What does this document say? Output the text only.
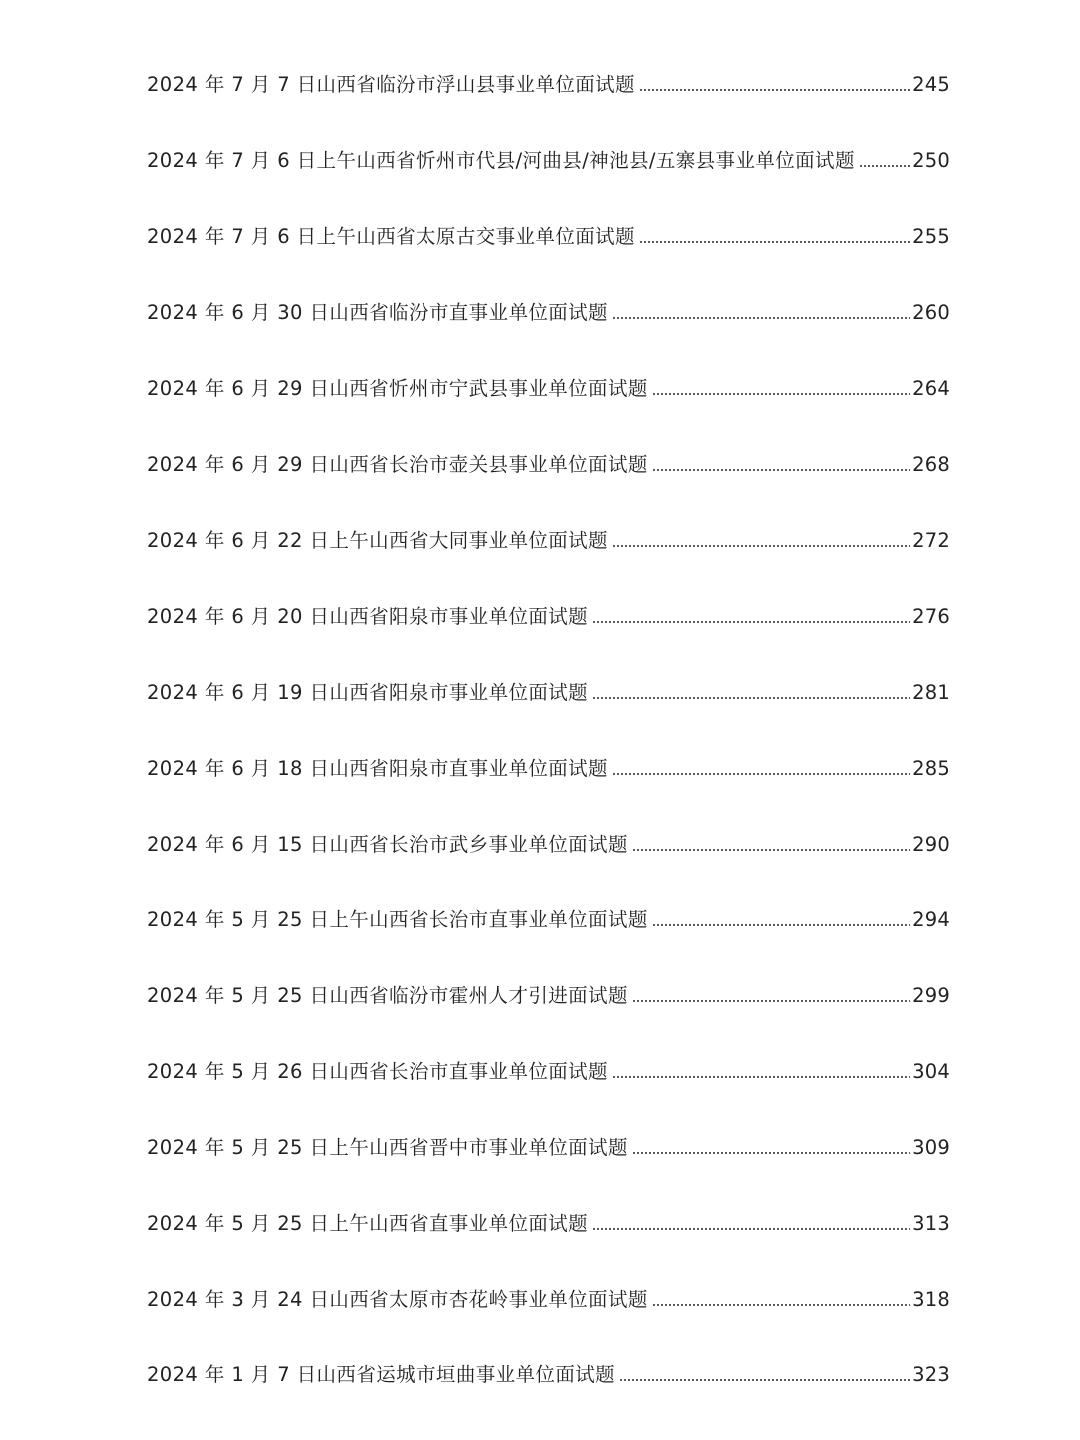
2024 年 7 月 7 日山西省临汾市浮山县事业单位面试题	245
2024 年 7 月 6 日上午山西省忻州市代县/河曲县/神池县/五寨县事业单位面试题	250
2024 年 7 月 6 日上午山西省太原古交事业单位面试题	255
2024 年 6 月 30 日山西省临汾市直事业单位面试题	260
2024 年 6 月 29 日山西省忻州市宁武县事业单位面试题	264
2024 年 6 月 29 日山西省长治市壶关县事业单位面试题	268
2024 年 6 月 22 日上午山西省大同事业单位面试题	272
2024 年 6 月 20 日山西省阳泉市事业单位面试题	276
2024 年 6 月 19 日山西省阳泉市事业单位面试题	281
2024 年 6 月 18 日山西省阳泉市直事业单位面试题	285
2024 年 6 月 15 日山西省长治市武乡事业单位面试题	290
2024 年 5 月 25 日上午山西省长治市直事业单位面试题	294
2024 年 5 月 25 日山西省临汾市霍州人才引进面试题	299
2024 年 5 月 26 日山西省长治市直事业单位面试题	304
2024 年 5 月 25 日上午山西省晋中市事业单位面试题	309
2024 年 5 月 25 日上午山西省直事业单位面试题	313
2024 年 3 月 24 日山西省太原市杏花岭事业单位面试题	318
2024 年 1 月 7 日山西省运城市垣曲事业单位面试题	323
